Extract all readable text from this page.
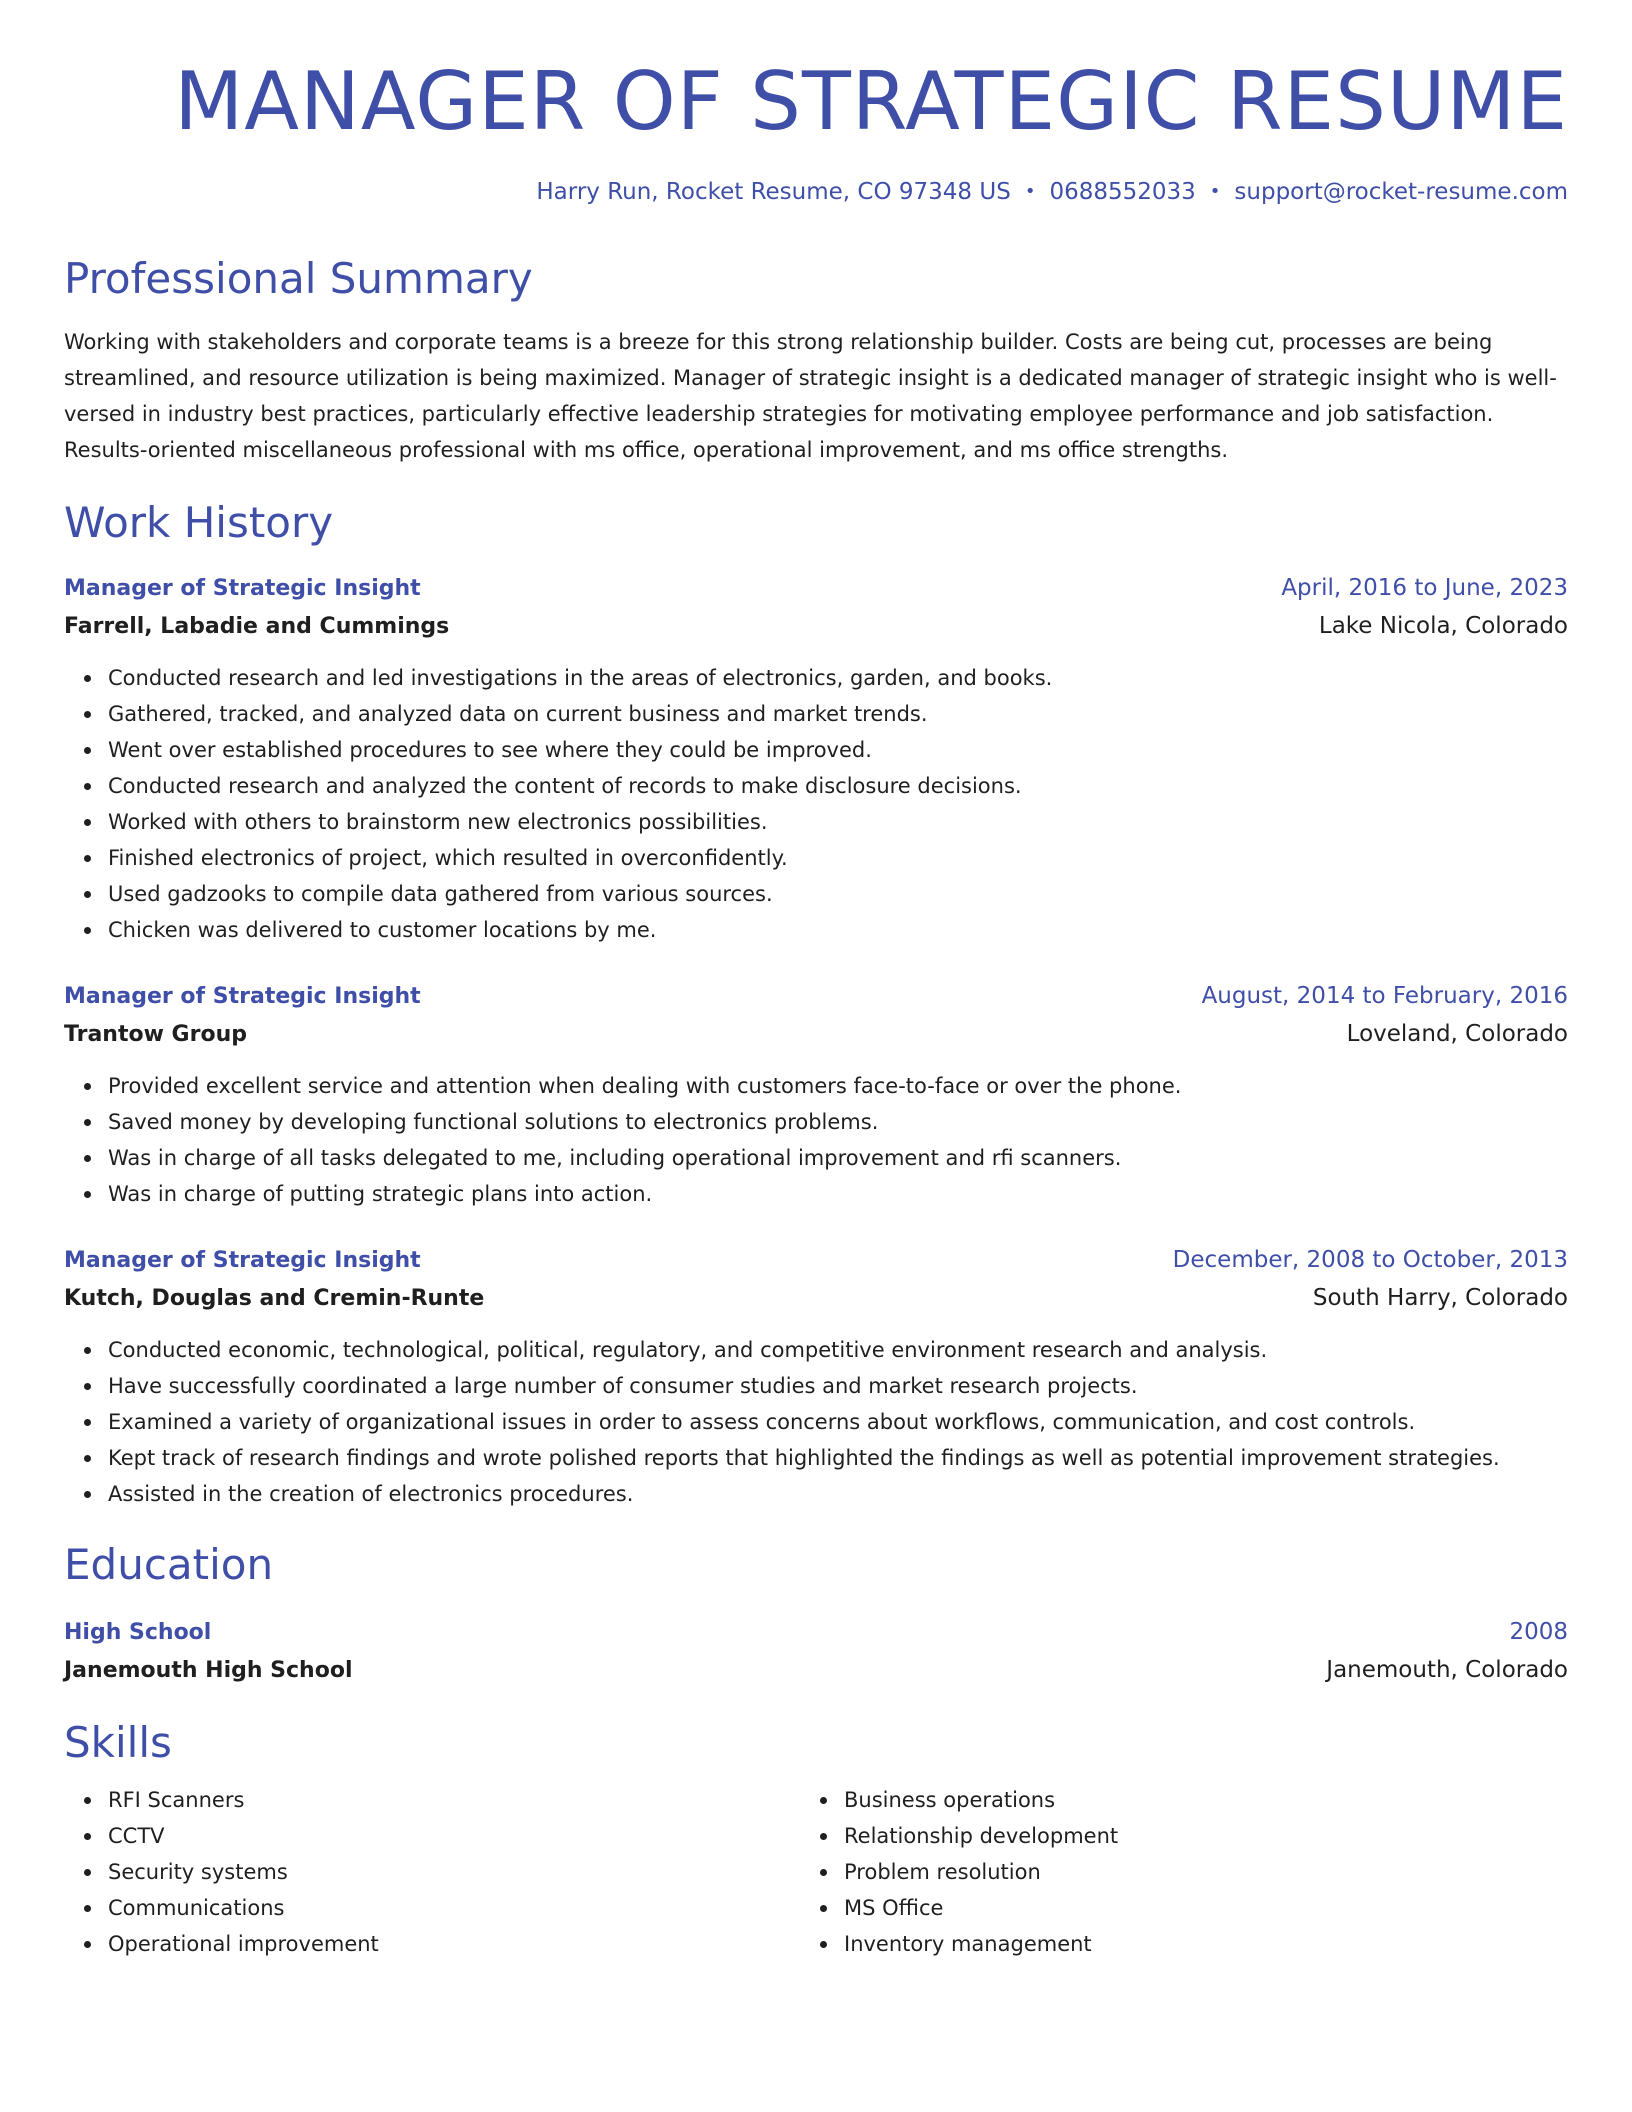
MANAGER OF STRATEGIC RESUME
Harry Run, Rocket Resume, CO 97348 US • 0688552033 • support@rocket-resume.com
Professional Summary
Working with stakeholders and corporate teams is a breeze for this strong relationship builder. Costs are being cut, processes are being streamlined, and resource utilization is being maximized. Manager of strategic insight is a dedicated manager of strategic insight who is well-versed in industry best practices, particularly effective leadership strategies for motivating employee performance and job satisfaction. Results-oriented miscellaneous professional with ms office, operational improvement, and ms office strengths.
Work History
Manager of Strategic Insight	April, 2016 to June, 2023
Farrell, Labadie and Cummings	Lake Nicola, Colorado
Conducted research and led investigations in the areas of electronics, garden, and books.
Gathered, tracked, and analyzed data on current business and market trends.
Went over established procedures to see where they could be improved.
Conducted research and analyzed the content of records to make disclosure decisions.
Worked with others to brainstorm new electronics possibilities.
Finished electronics of project, which resulted in overconfidently.
Used gadzooks to compile data gathered from various sources.
Chicken was delivered to customer locations by me.
Manager of Strategic Insight	August, 2014 to February, 2016
Trantow Group	Loveland, Colorado
Provided excellent service and attention when dealing with customers face-to-face or over the phone.
Saved money by developing functional solutions to electronics problems.
Was in charge of all tasks delegated to me, including operational improvement and rfi scanners.
Was in charge of putting strategic plans into action.
Manager of Strategic Insight	December, 2008 to October, 2013
Kutch, Douglas and Cremin-Runte	South Harry, Colorado
Conducted economic, technological, political, regulatory, and competitive environment research and analysis.
Have successfully coordinated a large number of consumer studies and market research projects.
Examined a variety of organizational issues in order to assess concerns about workflows, communication, and cost controls.
Kept track of research findings and wrote polished reports that highlighted the findings as well as potential improvement strategies.
Assisted in the creation of electronics procedures.
Education
High School	2008
Janemouth High School	Janemouth, Colorado
Skills
RFI Scanners
CCTV
Security systems
Communications
Operational improvement
Business operations
Relationship development
Problem resolution
MS Office
Inventory management
